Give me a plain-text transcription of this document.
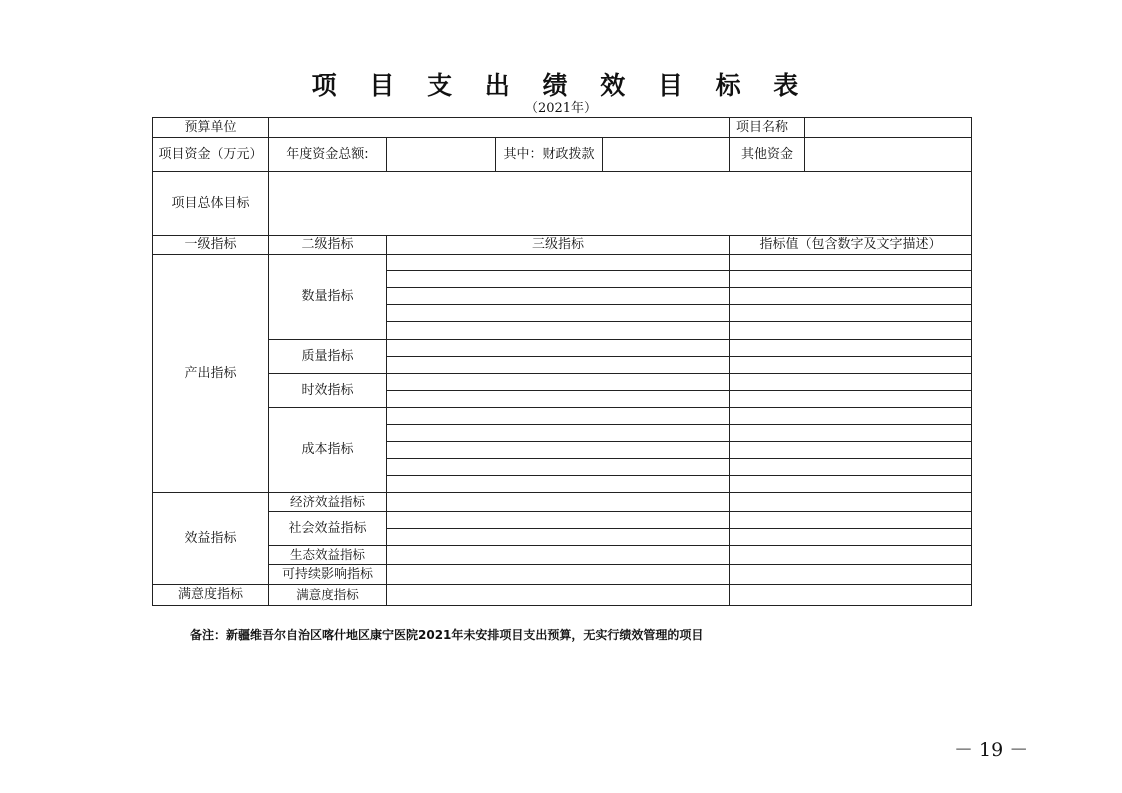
项 目 支 出 绩 效 目 标 表
（2021年）
预算单位					项目名称	
项目资金（万元）	年度资金总额:		其中：财政拨款		其他资金	
项目总体目标						
一级指标	二级指标	三级指标			指标值（包含数字及文字描述）	
产出指标	数量指标					

	质量指标					

	时效指标					

	成本指标					

效益指标	经济效益指标					
	社会效益指标					

	生态效益指标					
	可持续影响指标					
满意度指标	满意度指标					
备注：新疆维吾尔自治区喀什地区康宁医院2021年未安排项目支出预算，无实行绩效管理的项目
－ 19 －
